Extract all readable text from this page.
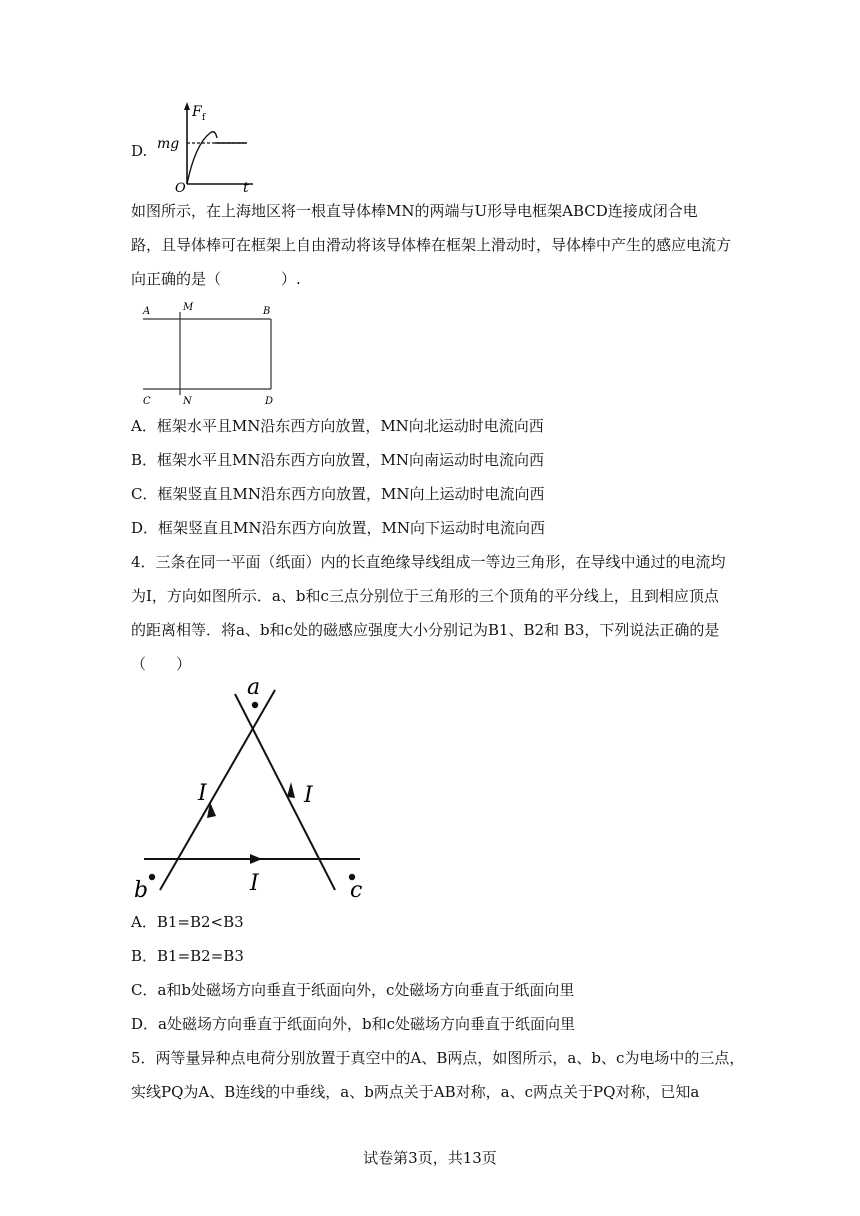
D.
F f
mg
O	t
如图所示，在上海地区将一根直导体棒MN的两端与U形导电框架ABCD连接成闭合电
路，且导体棒可在框架上自由滑动将该导体棒在框架上滑动时，导体棒中产生的感应电流方
向正确的是（　　　　）.
A	M	B
C	N	D
A．框架水平且MN沿东西方向放置，MN向北运动时电流向西
B．框架水平且MN沿东西方向放置，MN向南运动时电流向西
C．框架竖直且MN沿东西方向放置，MN向上运动时电流向西
D．框架竖直且MN沿东西方向放置，MN向下运动时电流向西
4．三条在同一平面（纸面）内的长直绝缘导线组成一等边三角形，在导线中通过的电流均
为I，方向如图所示．a、b和c三点分别位于三角形的三个顶角的平分线上，且到相应顶点
的距离相等．将a、b和c处的磁感应强度大小分别记为B1、B2和 B3，下列说法正确的是
（　　）
a
b	c
I	I
I
A．B1=B2<B3
B．B1=B2=B3
C．a和b处磁场方向垂直于纸面向外，c处磁场方向垂直于纸面向里
D．a处磁场方向垂直于纸面向外，b和c处磁场方向垂直于纸面向里
5．两等量异种点电荷分别放置于真空中的A、B两点，如图所示，a、b、c为电场中的三点，
实线PQ为A、B连线的中垂线，a、b两点关于AB对称，a、c两点关于PQ对称，已知a
试卷第3页，共13页
